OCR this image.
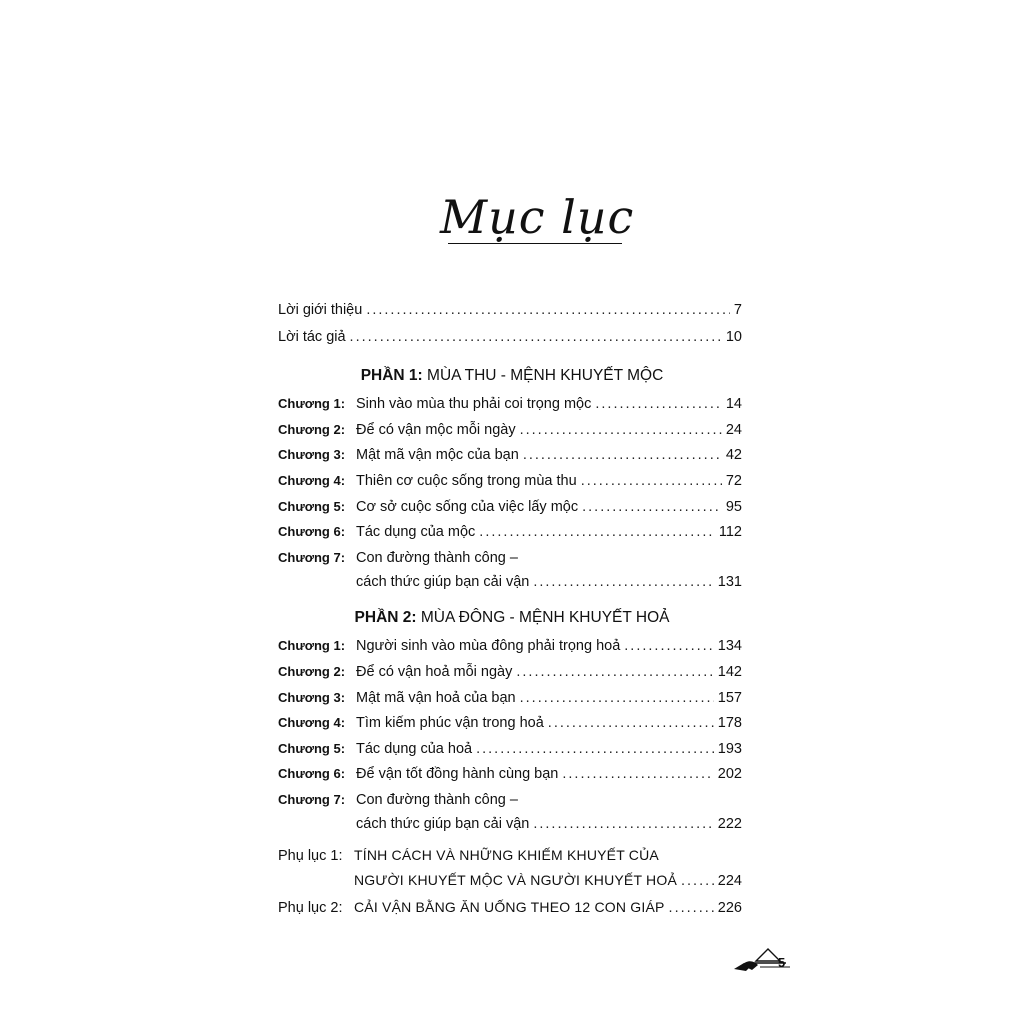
Mục lục
Lời giới thiệu .....	7
Lời tác giả .....	10
PHẦN 1: MÙA THU - MỆNH KHUYẾT MỘC
Chương 1: Sinh vào mùa thu phải coi trọng mộc .....	14
Chương 2: Để có vận mộc mỗi ngày .....	24
Chương 3: Mật mã vận mộc của bạn .....	42
Chương 4: Thiên cơ cuộc sống trong mùa thu .....	72
Chương 5: Cơ sở cuộc sống của việc lấy mộc .....	95
Chương 6: Tác dụng của mộc .....	112
Chương 7: Con đường thành công –
cách thức giúp bạn cải vận .....	131
PHẦN 2: MÙA ĐÔNG - MỆNH KHUYẾT HOẢ
Chương 1: Người sinh vào mùa đông phải trọng hoả .....	134
Chương 2: Để có vận hoả mỗi ngày .....	142
Chương 3: Mật mã vận hoả của bạn .....	157
Chương 4: Tìm kiếm phúc vận trong hoả .....	178
Chương 5: Tác dụng của hoả .....	193
Chương 6: Để vận tốt đồng hành cùng bạn .....	202
Chương 7: Con đường thành công –
cách thức giúp bạn cải vận .....	222
Phụ lục 1: TÍNH CÁCH VÀ NHỮNG KHIẾM KHUYẾT CỦA
NGƯỜI KHUYẾT MỘC VÀ NGƯỜI KHUYẾT HOẢ .....	224
Phụ lục 2: CẢI VẬN BẰNG ĂN UỐNG THEO 12 CON GIÁP .....	226
5
